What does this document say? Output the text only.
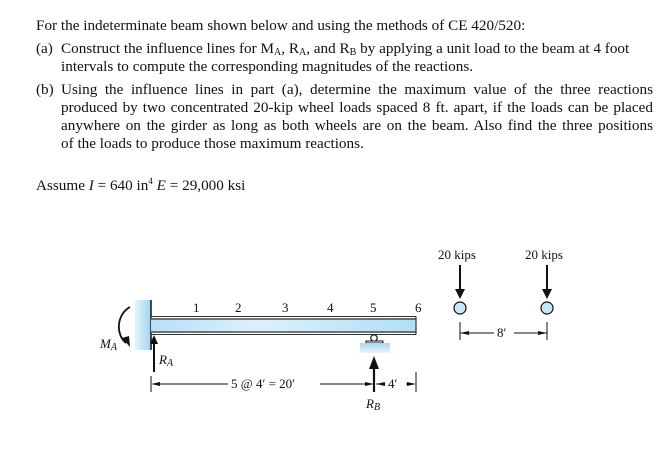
For the indeterminate beam shown below and using the methods of CE 420/520:
(a) Construct the influence lines for $M_A$, $R_A$, and $R_B$ by applying a unit load to the beam at 4 foot
intervals to compute the corresponding magnitudes of the reactions.
(b) Using the influence lines in part (a), determine the maximum value of the three reactions
produced by two concentrated 20-kip wheel loads spaced 8 ft. apart, if the loads can be placed
anywhere on the girder as long as both wheels are on the beam. Also find the three positions
of the loads to produce those maximum reactions.
Assume I = 640 $in^4$ E = 29,000 ksi
1	2	3	4	5	6
$M_A$
$R_A$
$R_B$
5 @ 4′ = 20′	4′
20 kips	20 kips
8′
